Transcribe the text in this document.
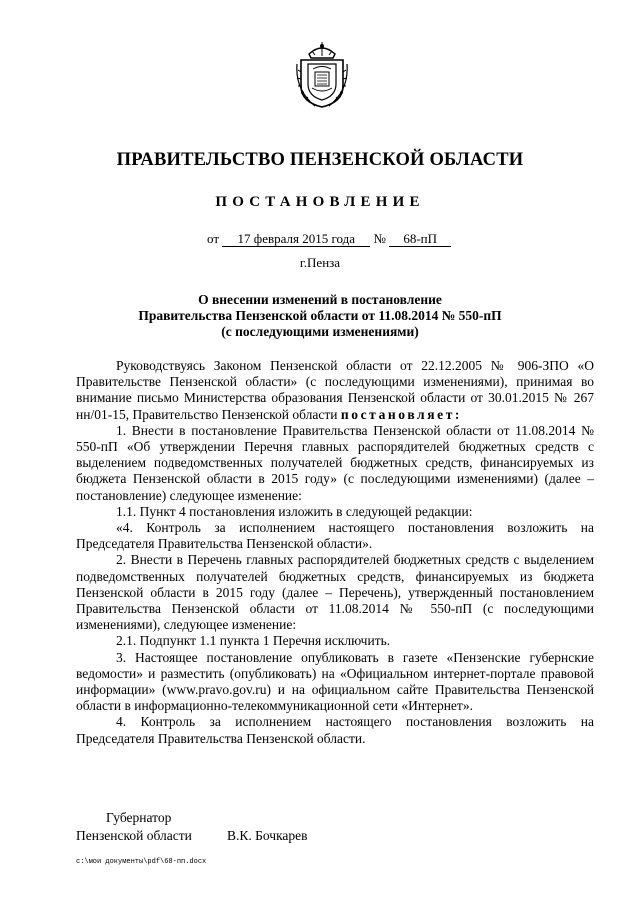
ПРАВИТЕЛЬСТВО ПЕНЗЕНСКОЙ ОБЛАСТИ
ПОСТАНОВЛЕНИЕ
от 17 февраля 2015 года № 68-пП
г.Пенза
О внесении изменений в постановление
Правительства Пензенской области от 11.08.2014 № 550-пП
(с последующими изменениями)

Руководствуясь Законом Пензенской области от 22.12.2005 № 906-ЗПО «О Правительстве Пензенской области» (с последующими изменениями), принимая во внимание письмо Министерства образования Пензенской области от 30.01.2015 № 267 нн/01-15, Правительство Пензенской области постановляет:

1. Внести в постановление Правительства Пензенской области от 11.08.2014 № 550-пП «Об утверждении Перечня главных распорядителей бюджетных средств с выделением подведомственных получателей бюджетных средств, финансируемых из бюджета Пензенской области в 2015 году» (с последующими изменениями) (далее – постановление) следующее изменение:

1.1. Пункт 4 постановления изложить в следующей редакции:

«4. Контроль за исполнением настоящего постановления возложить на Председателя Правительства Пензенской области».

2. Внести в Перечень главных распорядителей бюджетных средств с выделением подведомственных получателей бюджетных средств, финансируемых из бюджета Пензенской области в 2015 году (далее – Перечень), утвержденный постановлением Правительства Пензенской области от 11.08.2014 № 550-пП (с последующими изменениями), следующее изменение:

2.1. Подпункт 1.1 пункта 1 Перечня исключить.

3. Настоящее постановление опубликовать в газете «Пензенские губернские ведомости» и разместить (опубликовать) на «Официальном интернет-портале правовой информации» (www.pravo.gov.ru) и на официальном сайте Правительства Пензенской области в информационно-телекоммуникационной сети «Интернет».

4. Контроль за исполнением настоящего постановления возложить на Председателя Правительства Пензенской области.

Губернатор
Пензенской области	В.К. Бочкарев
c:\мои документы\pdf\68-пп.docx
